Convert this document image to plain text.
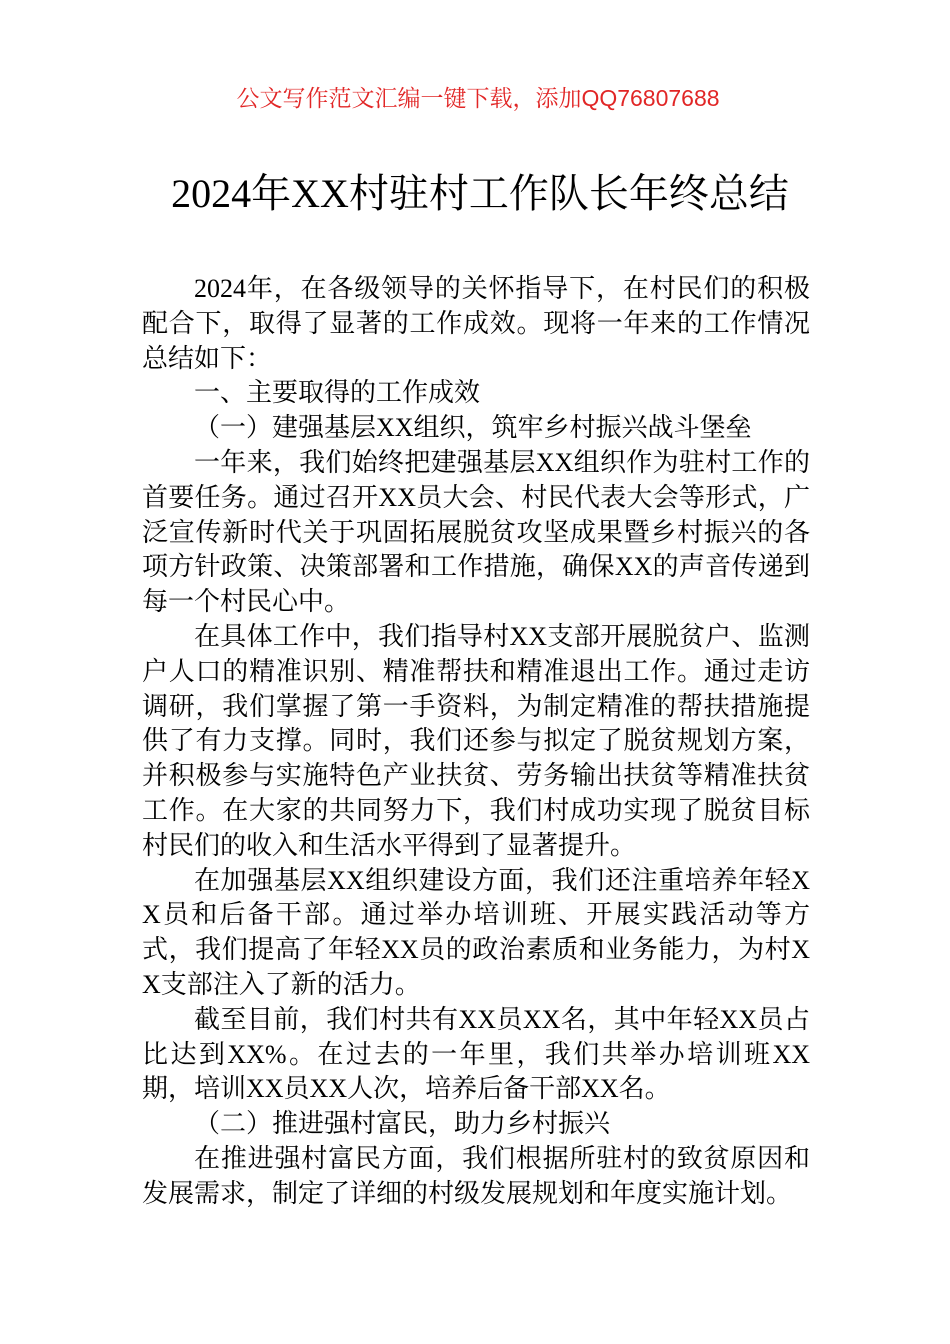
公文写作范文汇编一键下载，添加QQ76807688
2024年XX村驻村工作队长年终总结

2024年，在各级领导的关怀指导下，在村民们的积极配合下，取得了显著的工作成效。现将一年来的工作情况总结如下：

一、主要取得的工作成效

（一）建强基层XX组织，筑牢乡村振兴战斗堡垒

一年来，我们始终把建强基层XX组织作为驻村工作的首要任务。通过召开XX员大会、村民代表大会等形式，广泛宣传新时代关于巩固拓展脱贫攻坚成果暨乡村振兴的各项方针政策、决策部署和工作措施，确保XX的声音传递到每一个村民心中。

在具体工作中，我们指导村XX支部开展脱贫户、监测户人口的精准识别、精准帮扶和精准退出工作。通过走访调研，我们掌握了第一手资料，为制定精准的帮扶措施提供了有力支撑。同时，我们还参与拟定了脱贫规划方案，并积极参与实施特色产业扶贫、劳务输出扶贫等精准扶贫工作。在大家的共同努力下，我们村成功实现了脱贫目标村民们的收入和生活水平得到了显著提升。

在加强基层XX组织建设方面，我们还注重培养年轻XX员和后备干部。通过举办培训班、开展实践活动等方式，我们提高了年轻XX员的政治素质和业务能力，为村XX支部注入了新的活力。

截至目前，我们村共有XX员XX名，其中年轻XX员占比达到XX%。在过去的一年里，我们共举办培训班XX期，培训XX员XX人次，培养后备干部XX名。

（二）推进强村富民，助力乡村振兴

在推进强村富民方面，我们根据所驻村的致贫原因和发展需求，制定了详细的村级发展规划和年度实施计划。
